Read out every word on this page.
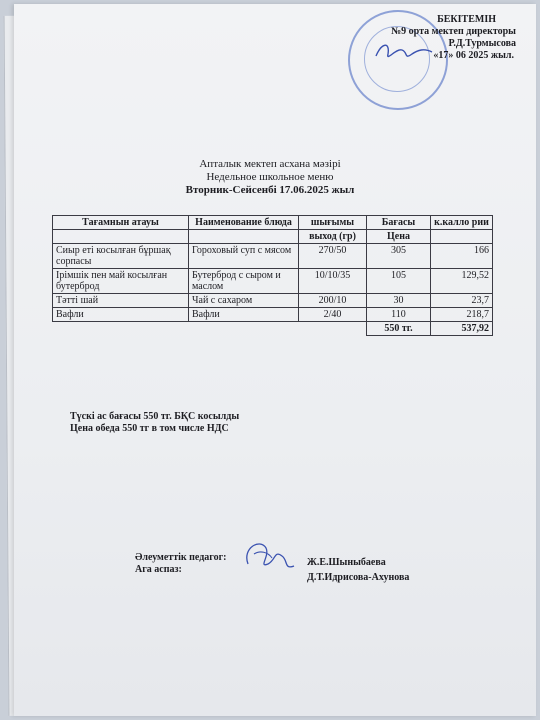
БЕКІТЕМІН
№9 орта мектеп директоры
Р.Д.Турмысова
«17» 06 2025 жыл.
Апталык мектеп асхана мәзірі
Недельное школьное меню
Вторник-Сейсенбі 17.06.2025 жыл
Тағамнын атауы	Наименование блюда	шығымы	Бағасы	к.калло рии
		выход (гр)	Цена	
Сиыр еті косылған бұршақ сорпасы	Гороховый суп с мясом	270/50	305	166
Ірімшік пен май косылған бутерброд	Бутерброд с сыром и маслом	10/10/35	105	129,52
Тәтті шай	Чай с сахаром	200/10	30	23,7
Вафли	Вафли	2/40	110	218,7
			550 тг.	537,92
Түскі ас бағасы 550 тг. БҚС косылды
Цена обеда 550 тг в том числе НДС
Әлеуметтік педагог:
Ага аспаз:
Ж.Е.Шыныбаева
Д.Т.Идрисова-Ахунова
